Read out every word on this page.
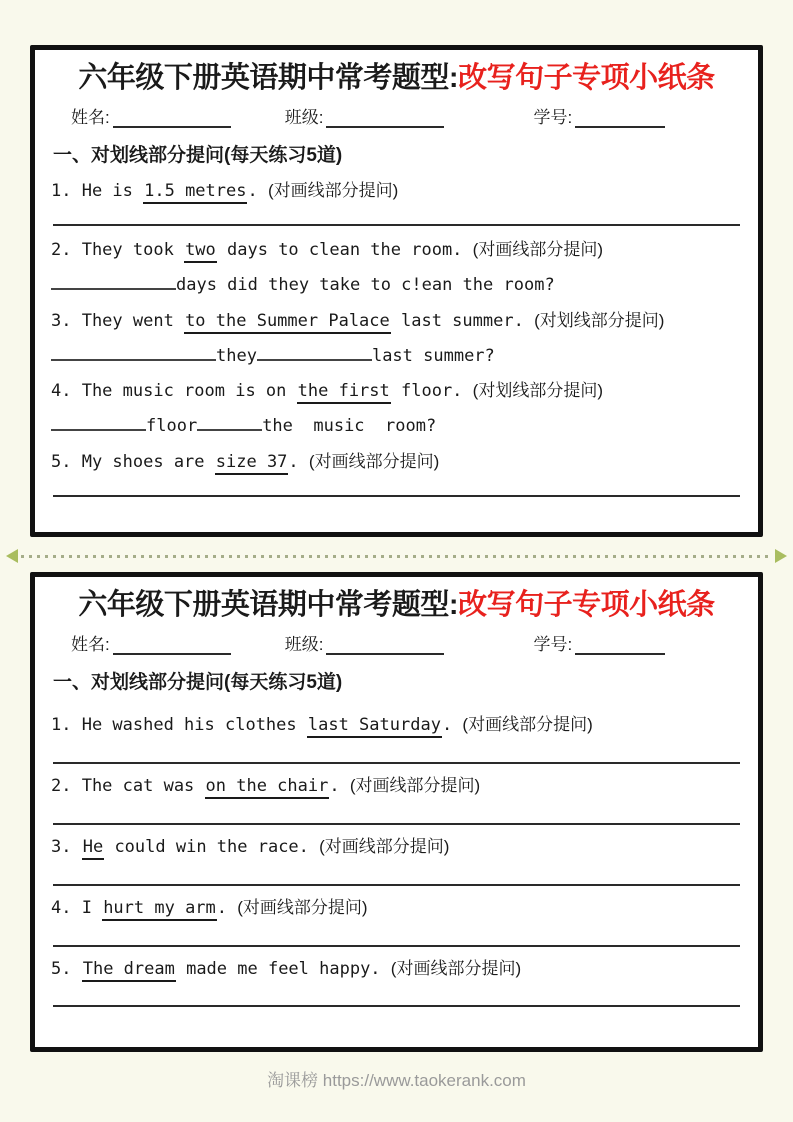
六年级下册英语期中常考题型:改写句子专项小纸条
姓名:	班级:	学号:
一、对划线部分提问(每天练习5道)
1. He is 1.5 metres. (对画线部分提问)
2. They took two days to clean the room. (对画线部分提问)
days did they take to c!ean the room?
3. They went to the Summer Palace last summer. (对划线部分提问)
they	last summer?
4. The music room is on the first floor. (对划线部分提问)
floor	the  music  room?
5. My shoes are size 37. (对画线部分提问)
六年级下册英语期中常考题型:改写句子专项小纸条
姓名:	班级:	学号:
一、对划线部分提问(每天练习5道)
1. He washed his clothes last Saturday. (对画线部分提问)
2. The cat was on the chair. (对画线部分提问)
3. He could win the race. (对画线部分提问)
4. I hurt my arm. (对画线部分提问)
5. The dream made me feel happy. (对画线部分提问)
淘课榜 https://www.taokerank.com
